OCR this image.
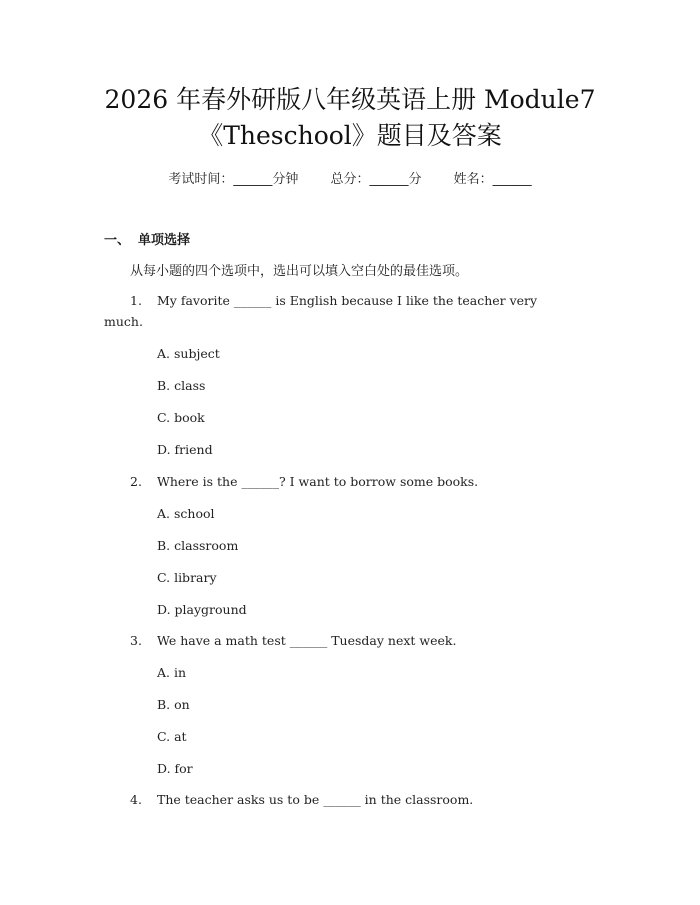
2026 年春外研版八年级英语上册 Module7
《Theschool》题目及答案
考试时间：______分钟 总分：______分 姓名：______
一、 单项选择
从每小题的四个选项中，选出可以填入空白处的最佳选项。
1. My favorite ______ is English because I like the teacher very
much.
A. subject
B. class
C. book
D. friend
2. Where is the ______? I want to borrow some books.
A. school
B. classroom
C. library
D. playground
3. We have a math test ______ Tuesday next week.
A. in
B. on
C. at
D. for
4. The teacher asks us to be ______ in the classroom.
